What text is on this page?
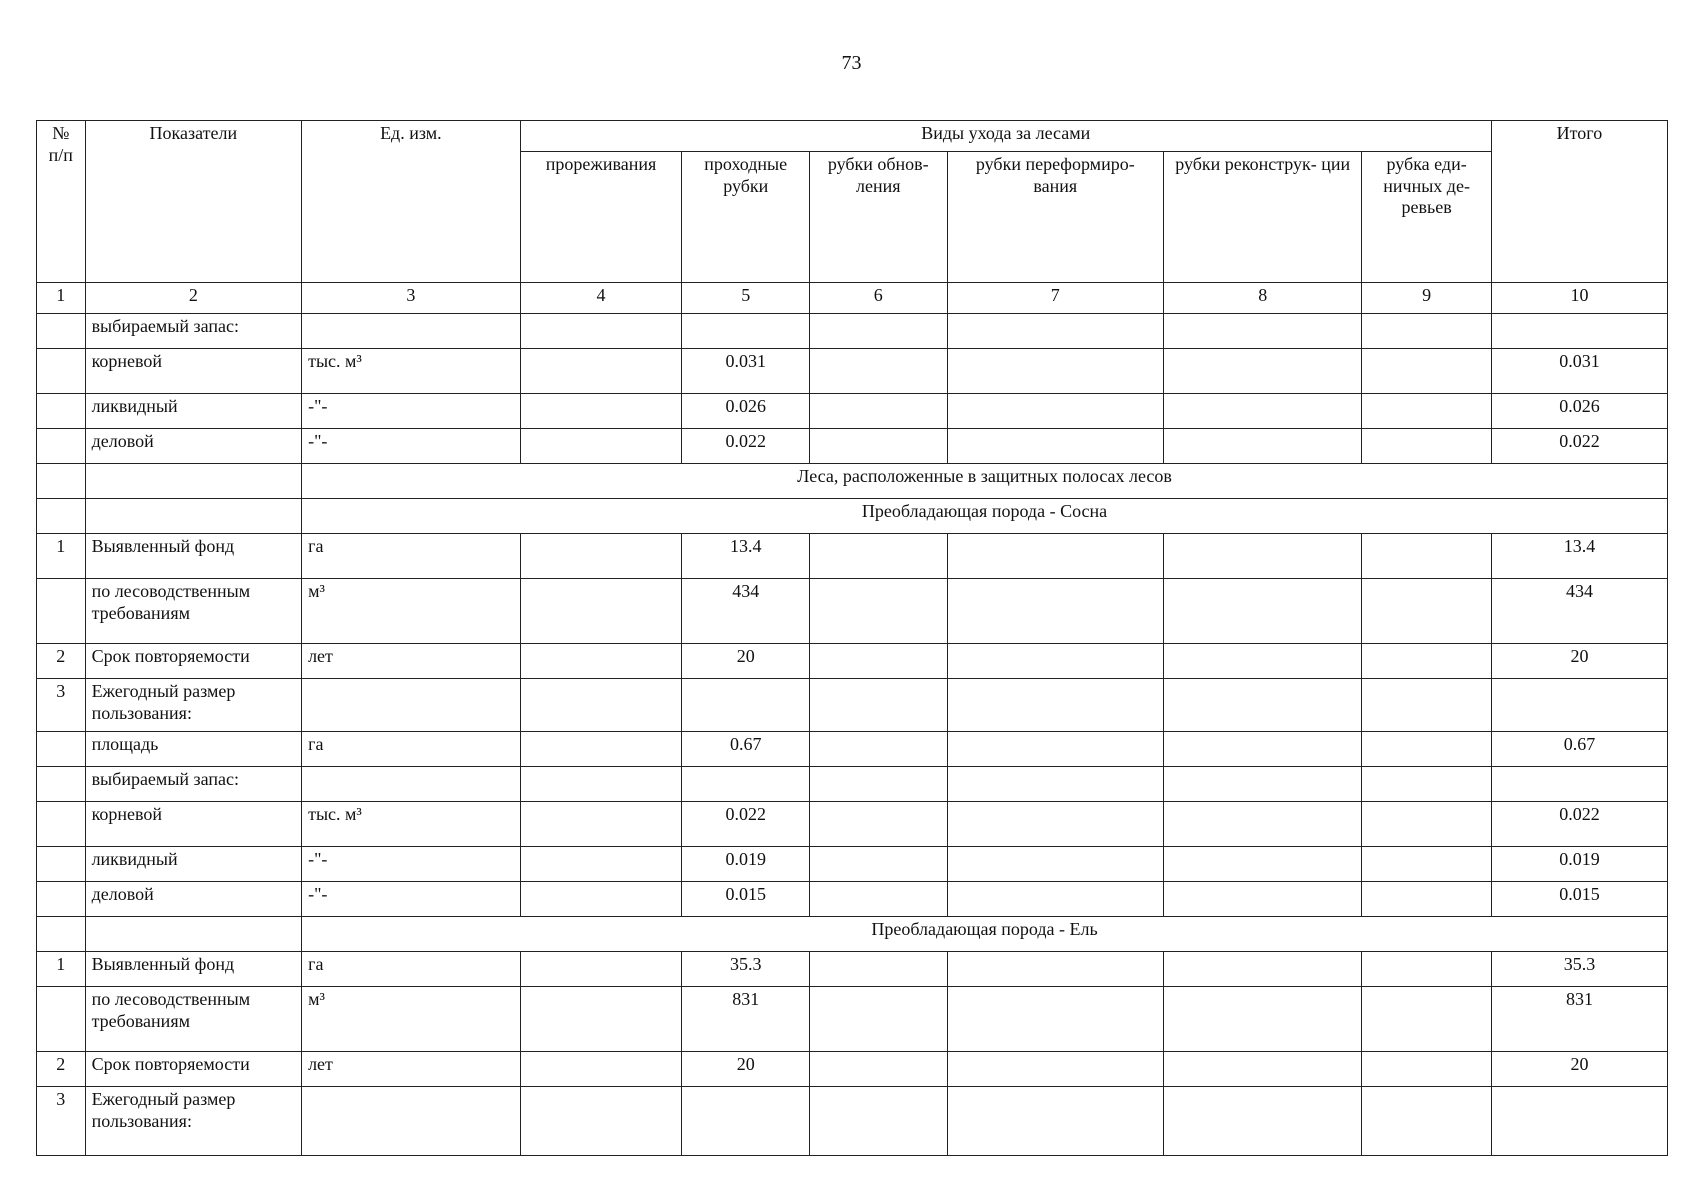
73
№ п/п	Показатели	Ед. изм.	Виды ухода за лесами						Итого
			прореживания	проходные рубки	рубки обнов- ления	рубки переформиро- вания	рубки реконструк- ции	рубка еди- ничных де- ревьев	
1	2	3	4	5	6	7	8	9	10
	выбираемый запас:								
	корневой	тыс. м³		0.031					0.031
	ликвидный	-"-		0.026					0.026
	деловой	-"-		0.022					0.022
		Леса, расположенные в защитных полосах лесов							
		Преобладающая порода - Сосна							
1	Выявленный фонд	га		13.4					13.4
	по лесоводственным требованиям	м³		434					434
2	Срок повторяемости	лет		20					20
3	Ежегодный размер пользования:								
	площадь	га		0.67					0.67
	выбираемый запас:								
	корневой	тыс. м³		0.022					0.022
	ликвидный	-"-		0.019					0.019
	деловой	-"-		0.015					0.015
		Преобладающая порода - Ель							
1	Выявленный фонд	га		35.3					35.3
	по лесоводственным требованиям	м³		831					831
2	Срок повторяемости	лет		20					20
3	Ежегодный размер пользования:								
